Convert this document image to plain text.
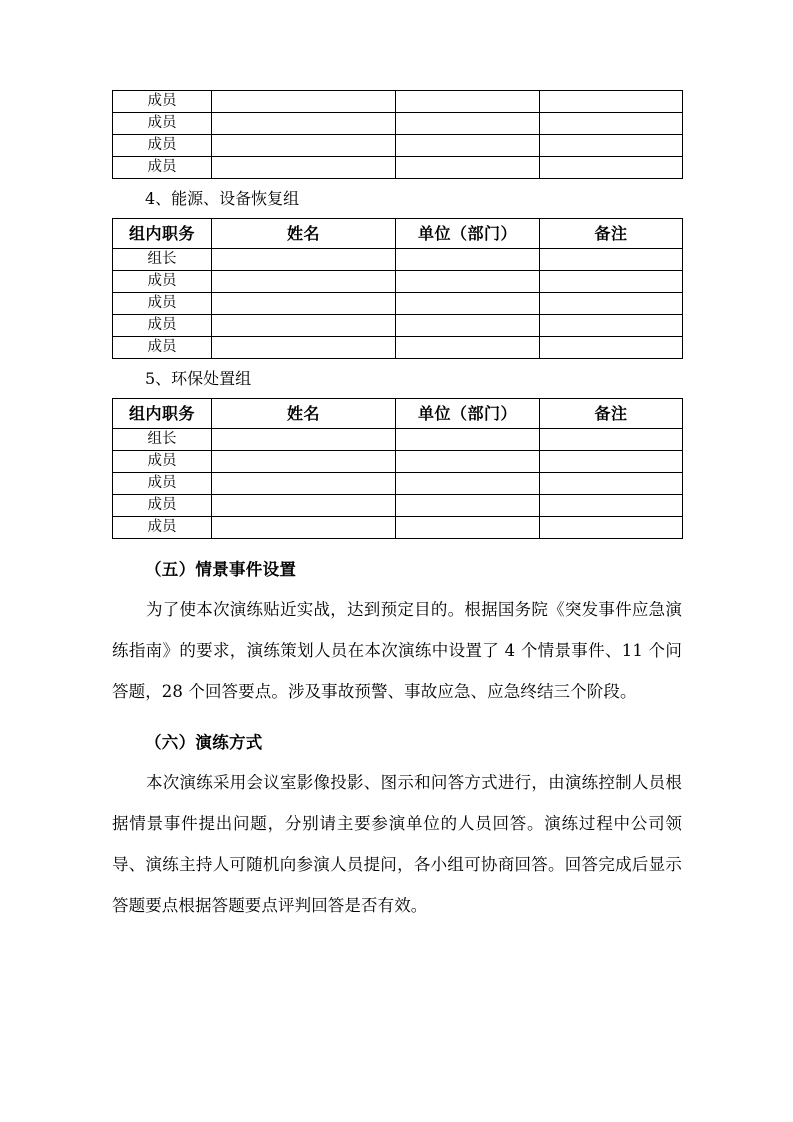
成员			
成员			
成员			
成员			

4、能源、设备恢复组

组内职务	姓名	单位（部门）	备注
组长			
成员			
成员			
成员			
成员			

5、环保处置组

组内职务	姓名	单位（部门）	备注
组长			
成员			
成员			
成员			
成员			
（五）情景事件设置

为了使本次演练贴近实战，达到预定目的。根据国务院《突发事件应急演练指南》的要求，演练策划人员在本次演练中设置了 4 个情景事件、11 个问答题，28 个回答要点。涉及事故预警、事故应急、应急终结三个阶段。

（六）演练方式

本次演练采用会议室影像投影、图示和问答方式进行，由演练控制人员根据情景事件提出问题，分别请主要参演单位的人员回答。演练过程中公司领导、演练主持人可随机向参演人员提问，各小组可协商回答。回答完成后显示答题要点根据答题要点评判回答是否有效。
